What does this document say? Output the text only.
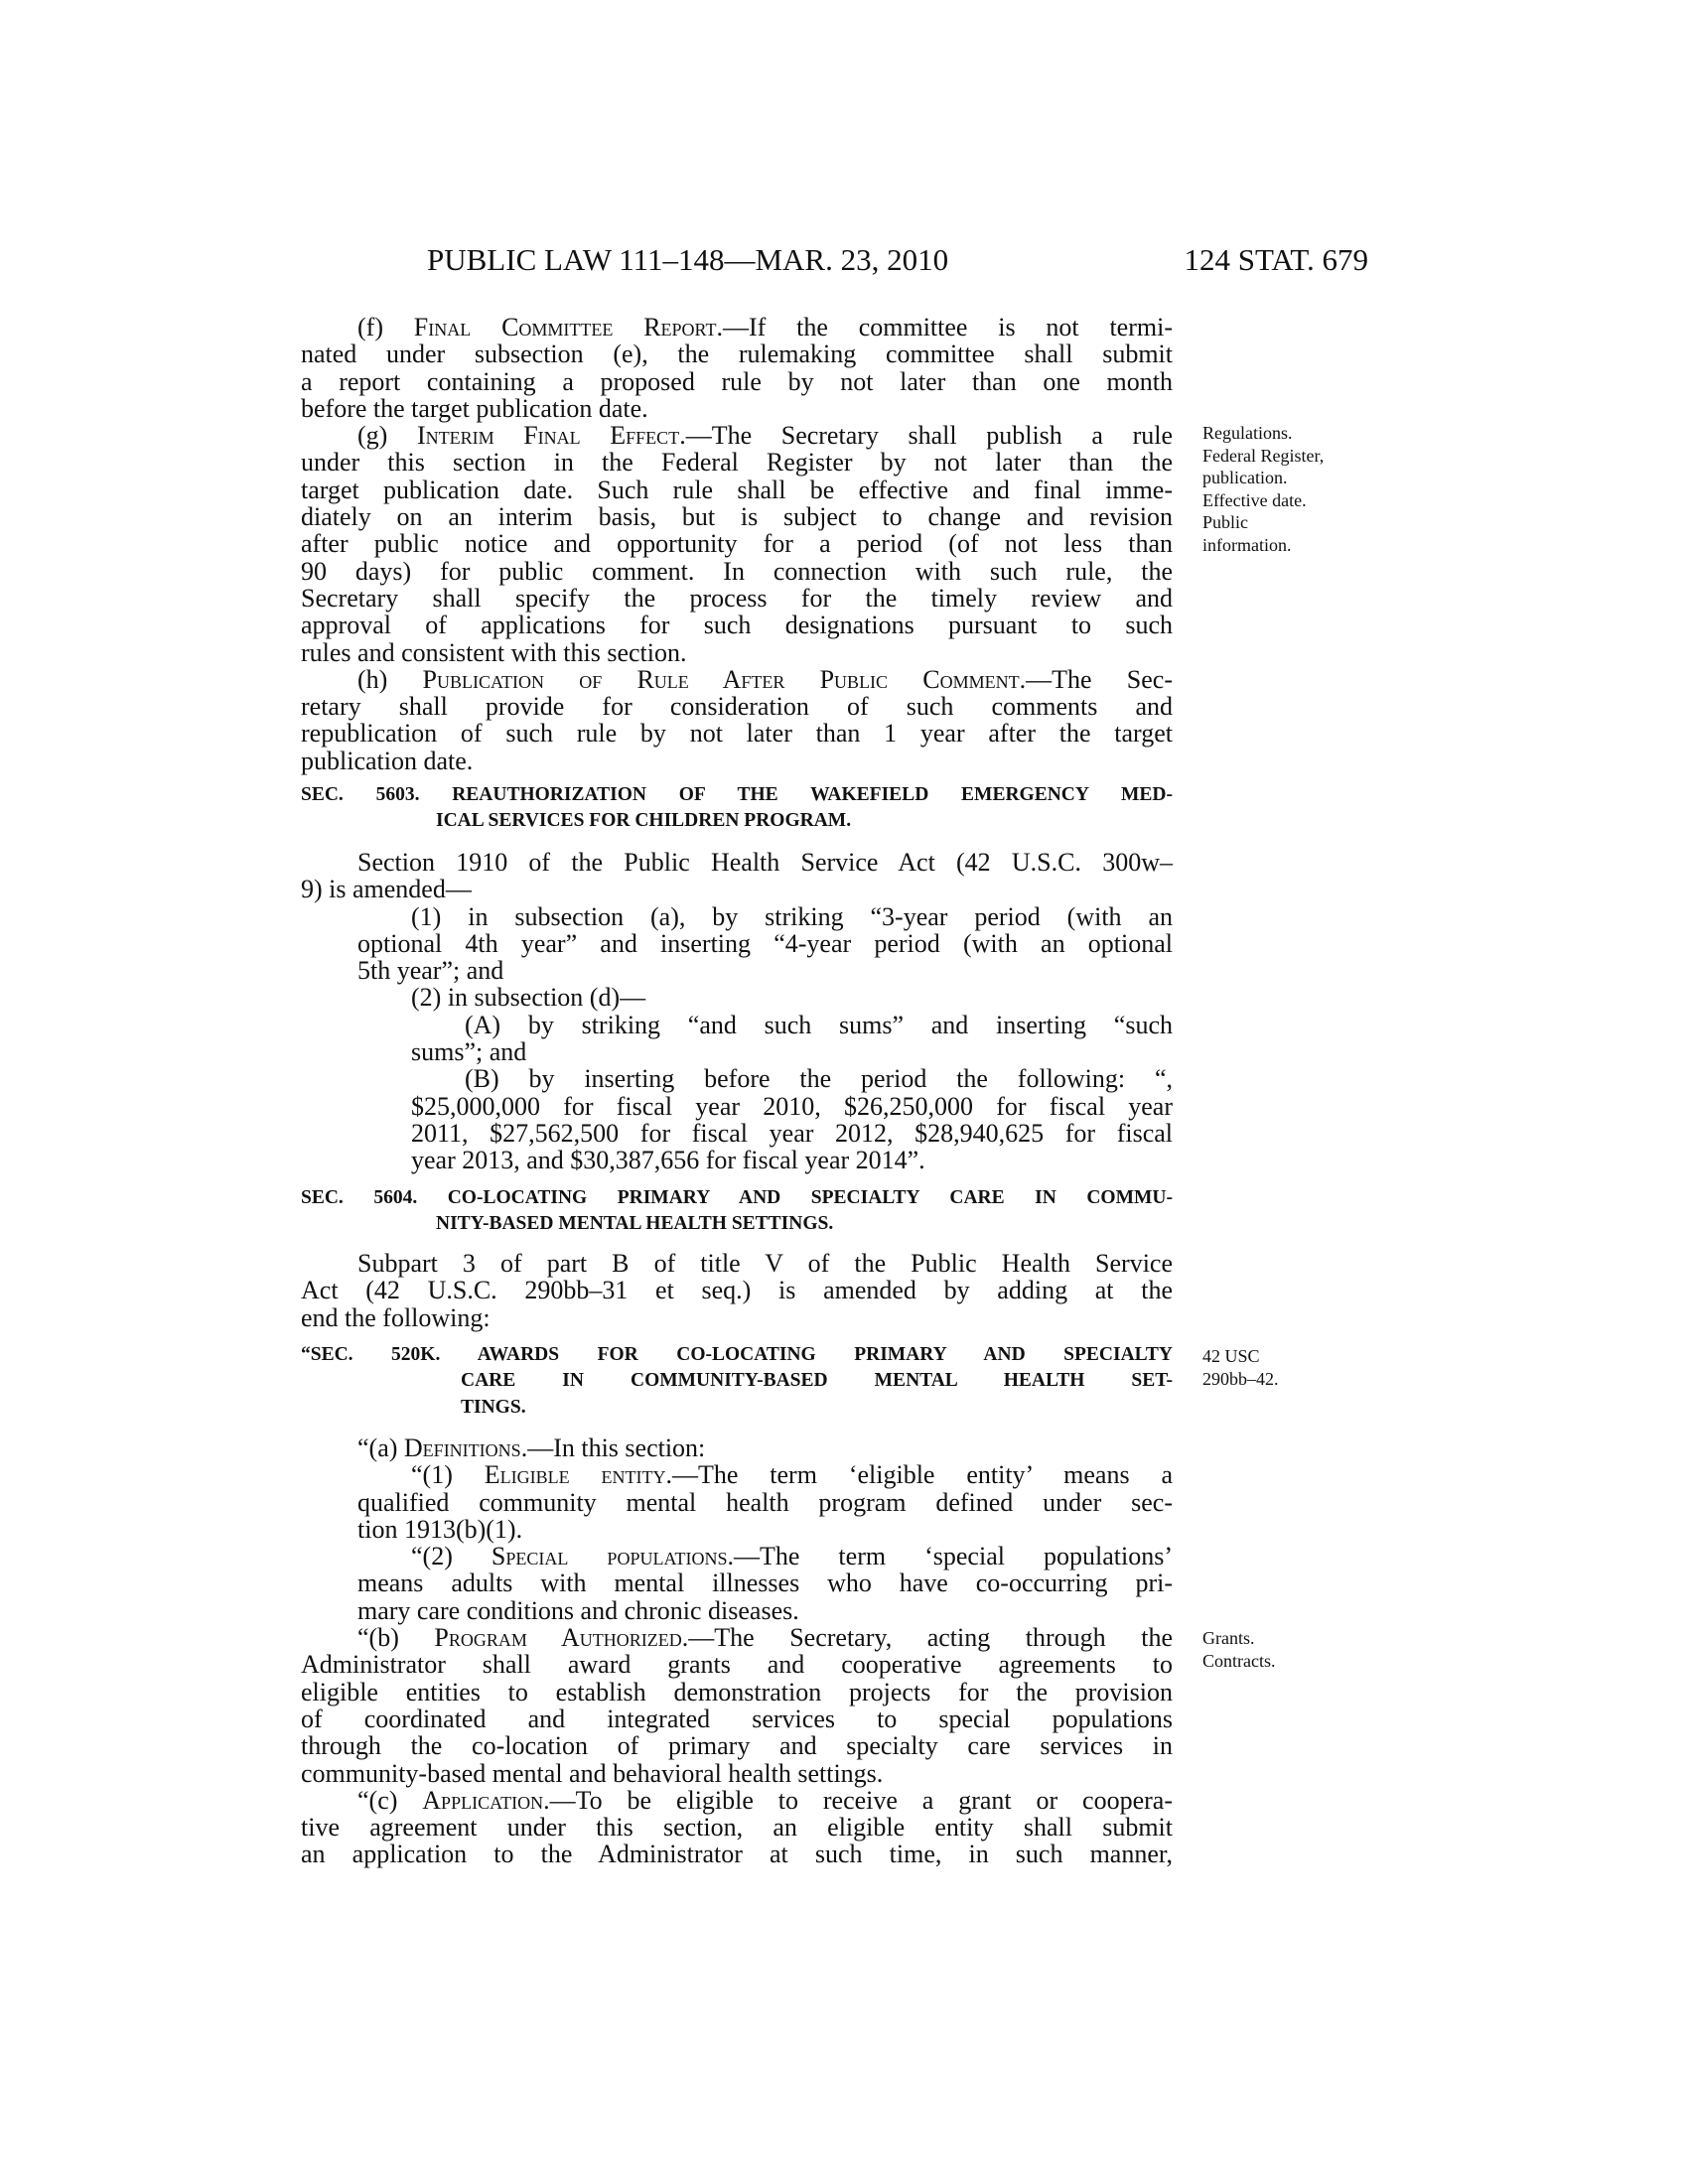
PUBLIC LAW 111–148—MAR. 23, 2010	124 STAT. 679
(f) Final Committee Report.—If the committee is not termi-
nated under subsection (e), the rulemaking committee shall submit
a report containing a proposed rule by not later than one month
before the target publication date.
(g) Interim Final Effect.—The Secretary shall publish a rule
under this section in the Federal Register by not later than the
target publication date. Such rule shall be effective and final imme-
diately on an interim basis, but is subject to change and revision
after public notice and opportunity for a period (of not less than
90 days) for public comment. In connection with such rule, the
Secretary shall specify the process for the timely review and
approval of applications for such designations pursuant to such
rules and consistent with this section.
(h) Publication of Rule After Public Comment.—The Sec-
retary shall provide for consideration of such comments and
republication of such rule by not later than 1 year after the target
publication date.
SEC. 5603. REAUTHORIZATION OF THE WAKEFIELD EMERGENCY MED-
ICAL SERVICES FOR CHILDREN PROGRAM.
Section 1910 of the Public Health Service Act (42 U.S.C. 300w–
9) is amended—
(1) in subsection (a), by striking “3-year period (with an
optional 4th year” and inserting “4-year period (with an optional
5th year”; and
(2) in subsection (d)—
(A) by striking “and such sums” and inserting “such
sums”; and
(B) by inserting before the period the following: “,
$25,000,000 for fiscal year 2010, $26,250,000 for fiscal year
2011, $27,562,500 for fiscal year 2012, $28,940,625 for fiscal
year 2013, and $30,387,656 for fiscal year 2014”.
SEC. 5604. CO-LOCATING PRIMARY AND SPECIALTY CARE IN COMMU-
NITY-BASED MENTAL HEALTH SETTINGS.
Subpart 3 of part B of title V of the Public Health Service
Act (42 U.S.C. 290bb–31 et seq.) is amended by adding at the
end the following:
“SEC. 520K. AWARDS FOR CO-LOCATING PRIMARY AND SPECIALTY
CARE IN COMMUNITY-BASED MENTAL HEALTH SET-
TINGS.
“(a) Definitions.—In this section:
“(1) Eligible entity.—The term ‘eligible entity’ means a
qualified community mental health program defined under sec-
tion 1913(b)(1).
“(2) Special populations.—The term ‘special populations’
means adults with mental illnesses who have co-occurring pri-
mary care conditions and chronic diseases.
“(b) Program Authorized.—The Secretary, acting through the
Administrator shall award grants and cooperative agreements to
eligible entities to establish demonstration projects for the provision
of coordinated and integrated services to special populations
through the co-location of primary and specialty care services in
community-based mental and behavioral health settings.
“(c) Application.—To be eligible to receive a grant or coopera-
tive agreement under this section, an eligible entity shall submit
an application to the Administrator at such time, in such manner,
Regulations.
Federal Register,
publication.
Effective date.
Public
information.
42 USC
290bb–42.
Grants.
Contracts.
